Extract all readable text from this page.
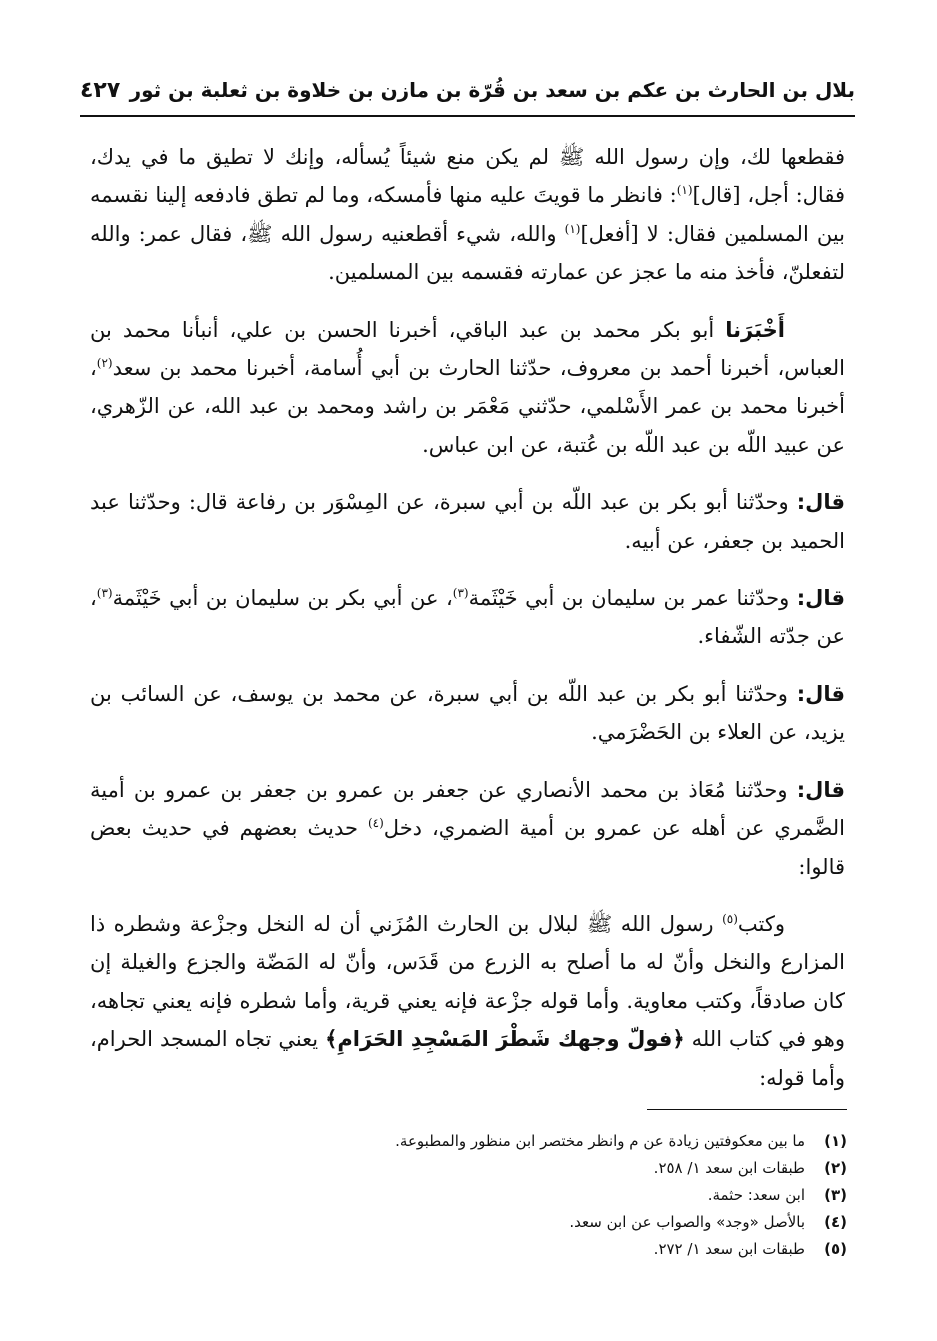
بلال بن الحارث بن عكم بن سعد بن قُرّة بن مازن بن خلاوة بن ثعلبة بن ثور
٤٢٧

فقطعها لك، وإن رسول الله ﷺ لم يكن منع شيئاً يُسأله، وإنك لا تطيق ما في يدك، فقال: أجل، [قال]$^{(١)}$: فانظر ما قويتَ عليه منها فأمسكه، وما لم تطق فادفعه إلينا نقسمه بين المسلمين فقال: لا [أفعل]$^{(١)}$ والله، شيء أقطعنيه رسول الله ﷺ، فقال عمر: والله لتفعلنّ، فأخذ منه ما عجز عن عمارته فقسمه بين المسلمين.

أَخْبَرَنا أبو بكر محمد بن عبد الباقي، أخبرنا الحسن بن علي، أنبأنا محمد بن العباس، أخبرنا أحمد بن معروف، حدّثنا الحارث بن أبي أُسامة، أخبرنا محمد بن سعد$^{(٢)}$، أخبرنا محمد بن عمر الأَسْلمي، حدّثني مَعْمَر بن راشد ومحمد بن عبد الله، عن الزّهري، عن عبيد اللّه بن عبد اللّه بن عُتبة، عن ابن عباس.

قال: وحدّثنا أبو بكر بن عبد اللّه بن أبي سبرة، عن المِسْوَر بن رفاعة قال: وحدّثنا عبد الحميد بن جعفر، عن أبيه.

قال: وحدّثنا عمر بن سليمان بن أبي خَيْثَمة$^{(٣)}$، عن أبي بكر بن سليمان بن أبي خَيْثَمة$^{(٣)}$، عن جدّته الشّفاء.

قال: وحدّثنا أبو بكر بن عبد اللّه بن أبي سبرة، عن محمد بن يوسف، عن السائب بن يزيد، عن العلاء بن الحَضْرَمي.

قال: وحدّثنا مُعَاذ بن محمد الأنصاري عن جعفر بن عمرو بن جعفر بن عمرو بن أمية الضَّمري عن أهله عن عمرو بن أمية الضمري، دخل$^{(٤)}$ حديث بعضهم في حديث بعض قالوا:

وكتب$^{(٥)}$ رسول الله ﷺ لبلال بن الحارث المُزَني أن له النخل وجزْعة وشطره ذا المزارع والنخل وأنّ له ما أصلح به الزرع من قَدَس، وأنّ له المَضّة والجزع والغيلة إن كان صادقاً، وكتب معاوية. وأما قوله جزْعة فإنه يعني قرية، وأما شطره فإنه يعني تجاهه، وهو في كتاب الله ﴿فولّ وجهك شَطْرَ المَسْجِدِ الحَرَامِ﴾ يعني تجاه المسجد الحرام، وأما قوله:

(١)ما بين معكوفتين زيادة عن م وانظر مختصر ابن منظور والمطبوعة.
(٢)طبقات ابن سعد ١/ ٢٥٨.
(٣)ابن سعد: حثمة.
(٤)بالأصل «وجد» والصواب عن ابن سعد.
(٥)طبقات ابن سعد ١/ ٢٧٢.
